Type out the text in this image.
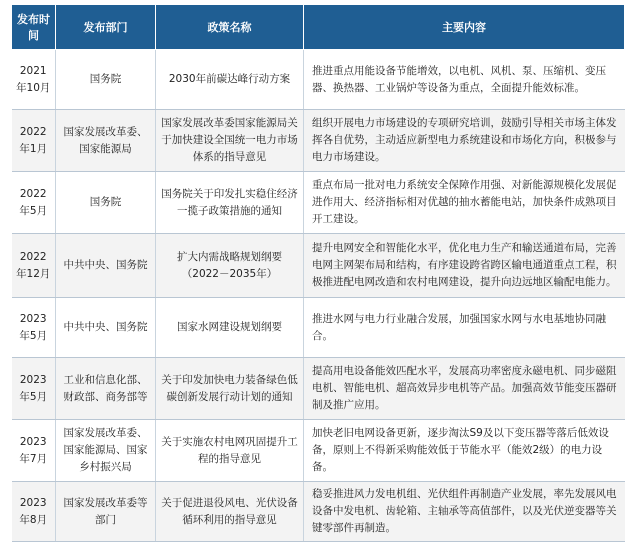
发布时间	发布部门	政策名称	主要内容
2021年10月	国务院	2030年前碳达峰行动方案	推进重点用能设备节能增效，以电机、风机、泵、压缩机、变压器、换热器、工业锅炉等设备为重点，全面提升能效标准。
2022年1月	国家发展改革委、国家能源局	国家发展改革委国家能源局关于加快建设全国统一电力市场体系的指导意见	组织开展电力市场建设的专项研究培训，鼓励引导相关市场主体发挥各自优势，主动适应新型电力系统建设和市场化方向，积极参与电力市场建设。
2022年5月	国务院	国务院关于印发扎实稳住经济一揽子政策措施的通知	重点布局一批对电力系统安全保障作用强、对新能源规模化发展促进作用大、经济指标相对优越的抽水蓄能电站，加快条件成熟项目开工建设。
2022年12月	中共中央、国务院	扩大内需战略规划纲要（2022－2035年）	提升电网安全和智能化水平，优化电力生产和输送通道布局，完善电网主网架布局和结构，有序建设跨省跨区输电通道重点工程，积极推进配电网改造和农村电网建设，提升向边远地区输配电能力。
2023年5月	中共中央、国务院	国家水网建设规划纲要	推进水网与电力行业融合发展，加强国家水网与水电基地协同融合。
2023年5月	工业和信息化部、财政部、商务部等	关于印发加快电力装备绿色低碳创新发展行动计划的通知	提高用电设备能效匹配水平，发展高功率密度永磁电机、同步磁阻电机、智能电机、超高效异步电机等产品。加强高效节能变压器研制及推广应用。
2023年7月	国家发展改革委、国家能源局、国家乡村振兴局	关于实施农村电网巩固提升工程的指导意见	加快老旧电网设备更新，逐步淘汰S9及以下变压器等落后低效设备，原则上不得新采购能效低于节能水平（能效2级）的电力设备。
2023年8月	国家发展改革委等部门	关于促进退役风电、光伏设备循环利用的指导意见	稳妥推进风力发电机组、光伏组件再制造产业发展，率先发展风电设备中发电机、齿轮箱、主轴承等高值部件，以及光伏逆变器等关键零部件再制造。
